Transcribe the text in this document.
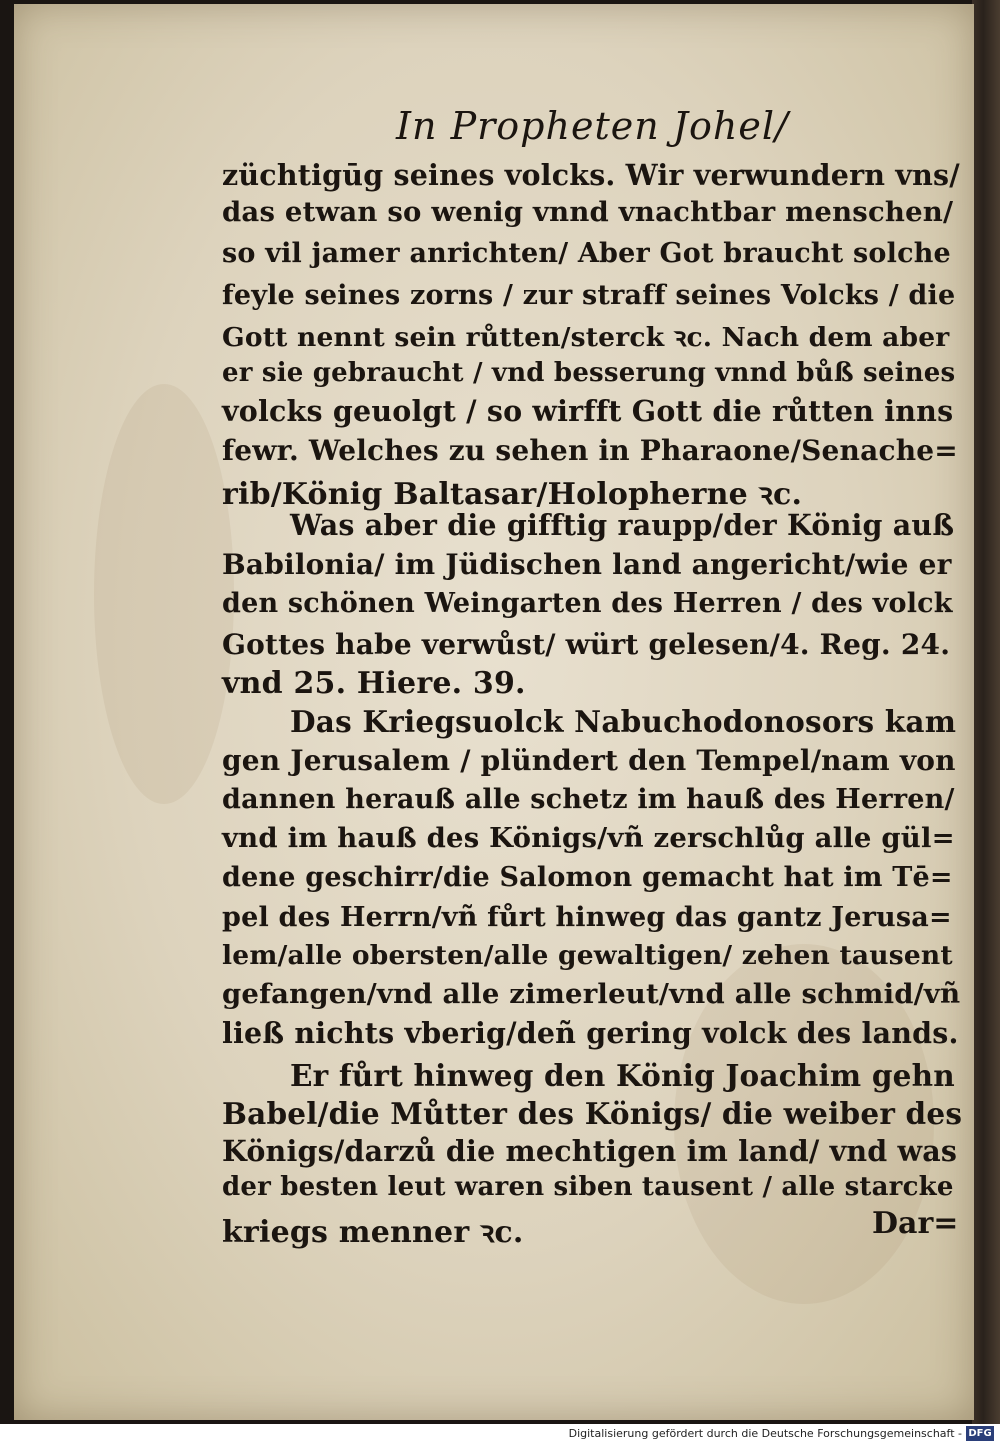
In Propheten Johel/
züchtigūg seines volcks. Wir verwundern vns/
das etwan so wenig vnnd vnachtbar menschen/
so vil jamer anrichten/ Aber Got braucht solche
feyle seines zorns / zur straff seines Volcks / die
Gott nennt sein růtten/sterck ꝛc. Nach dem aber
er sie gebraucht / vnd besserung vnnd bůß seines
volcks geuolgt / so wirfft Gott die růtten inns
fewr. Welches zu sehen in Pharaone/Senache=
rib/König Baltasar/Holopherne ꝛc.
Was aber die gifftig raupp/der König auß
Babilonia/ im Jüdischen land angericht/wie er
den schönen Weingarten des Herren / des volck
Gottes habe verwůst/ würt gelesen/4. Reg. 24.
vnd 25. Hiere. 39.
Das Kriegsuolck Nabuchodonosors kam
gen Jerusalem / plündert den Tempel/nam von
dannen herauß alle schetz im hauß des Herren/
vnd im hauß des Königs/vñ zerschlůg alle gül=
dene geschirr/die Salomon gemacht hat im Tē=
pel des Herrn/vñ fůrt hinweg das gantz Jerusa=
lem/alle obersten/alle gewaltigen/ zehen tausent
gefangen/vnd alle zimerleut/vnd alle schmid/vñ
ließ nichts vberig/deñ gering volck des lands.
Er fůrt hinweg den König Joachim gehn
Babel/die Můtter des Königs/ die weiber des
Königs/darzů die mechtigen im land/ vnd was
der besten leut waren siben tausent / alle starcke
kriegs menner ꝛc.	Dar=
Digitalisierung gefördert durch die Deutsche Forschungsgemeinschaft - DFG
